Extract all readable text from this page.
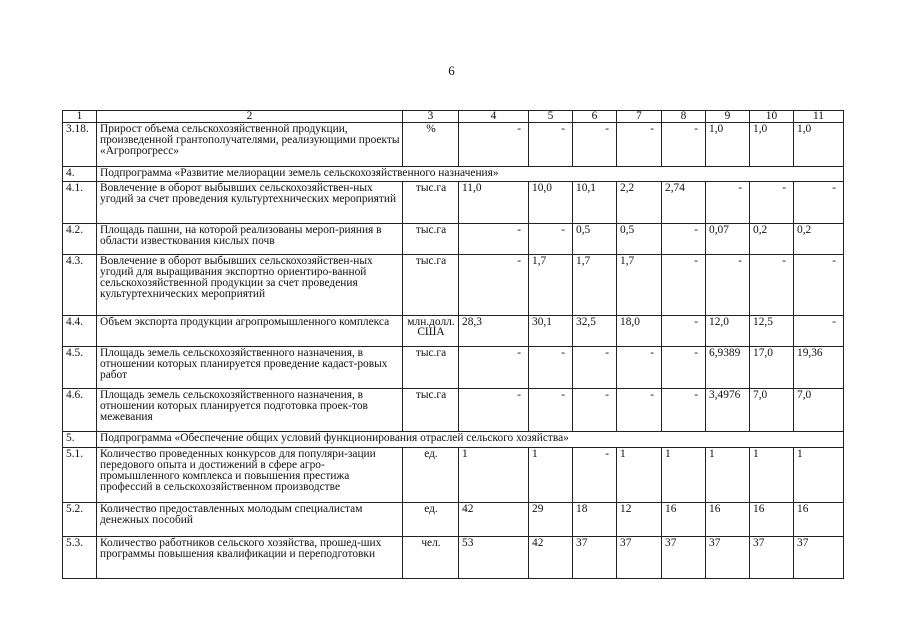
6
1	2	3	4	5	6	7	8	9	10	11
3.18.	Прирост объема сельскохозяйственной продукции, произведенной грантополучателями, реализующими проекты «Агропрогресс»	%	-	-	-	-	-	1,0	1,0	1,0
4.	Подпрограмма «Развитие мелиорации земель сельскохозяйственного назначения»									
4.1.	Вовлечение в оборот выбывших сельскохозяйствен-ных угодий за счет проведения культуртехнических мероприятий	тыс.га	11,0	10,0	10,1	2,2	2,74	-	-	-
4.2.	Площадь пашни, на которой реализованы мероп-рияния в области известкования кислых почв	тыс.га	-	-	0,5	0,5	-	0,07	0,2	0,2
4.3.	Вовлечение в оборот выбывших сельскохозяйствен-ных угодий для выращивания экспортно ориентиро-ванной сельскохозяйственной продукции за счет проведения культуртехнических мероприятий	тыс.га	-	1,7	1,7	1,7	-	-	-	-
4.4.	Объем экспорта продукции агропромышленного комплекса	млн.долл. США	28,3	30,1	32,5	18,0	-	12,0	12,5	-
4.5.	Площадь земель сельскохозяйственного назначения, в отношении которых планируется проведение кадаст-ровых работ	тыс.га	-	-	-	-	-	6,9389	17,0	19,36
4.6.	Площадь земель сельскохозяйственного назначения, в отношении которых планируется подготовка проек-тов межевания	тыс.га	-	-	-	-	-	3,4976	7,0	7,0
5.	Подпрограмма «Обеспечение общих условий функционирования отраслей сельского хозяйства»									
5.1.	Количество проведенных конкурсов для популяри-зации передового опыта и достижений в сфере агро-промышленного комплекса и повышения престижа профессий в сельскохозяйственном производстве	ед.	1	1	-	1	1	1	1	1
5.2.	Количество предоставленных молодым специалистам денежных пособий	ед.	42	29	18	12	16	16	16	16
5.3.	Количество работников сельского хозяйства, прошед-ших программы повышения квалификации и переподготовки	чел.	53	42	37	37	37	37	37	37
